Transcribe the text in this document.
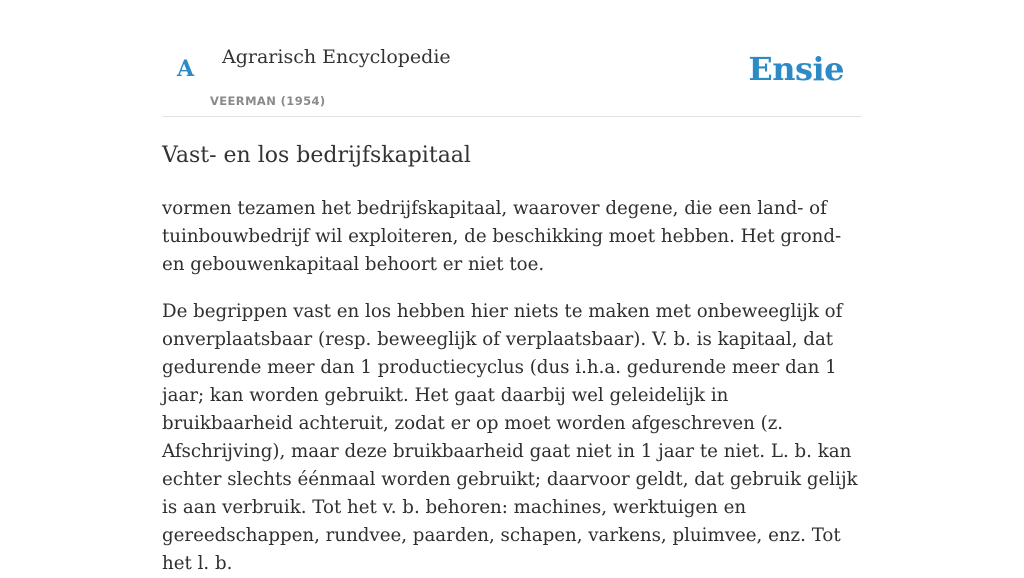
A Agrarisch Encyclopedie
VEERMAN (1954)
Ensie
Vast- en los bedrijfskapitaal

vormen tezamen het bedrijfskapitaal, waarover degene, die een land- of tuinbouwbedrijf wil exploiteren, de beschikking moet hebben. Het grond- en gebouwenkapitaal behoort er niet toe.

De begrippen vast en los hebben hier niets te maken met onbeweeglijk of onverplaatsbaar (resp. beweeglijk of verplaatsbaar). V. b. is kapitaal, dat gedurende meer dan 1 productiecyclus (dus i.h.a. gedurende meer dan 1 jaar; kan worden gebruikt. Het gaat daarbij wel geleidelijk in bruikbaarheid achteruit, zodat er op moet worden afgeschreven (z. Afschrijving), maar deze bruikbaarheid gaat niet in 1 jaar te niet. L. b. kan echter slechts éénmaal worden gebruikt; daarvoor geldt, dat gebruik gelijk is aan verbruik. Tot het v. b. behoren: machines, werktuigen en gereedschappen, rundvee, paarden, schapen, varkens, pluimvee, enz. Tot het l. b.
